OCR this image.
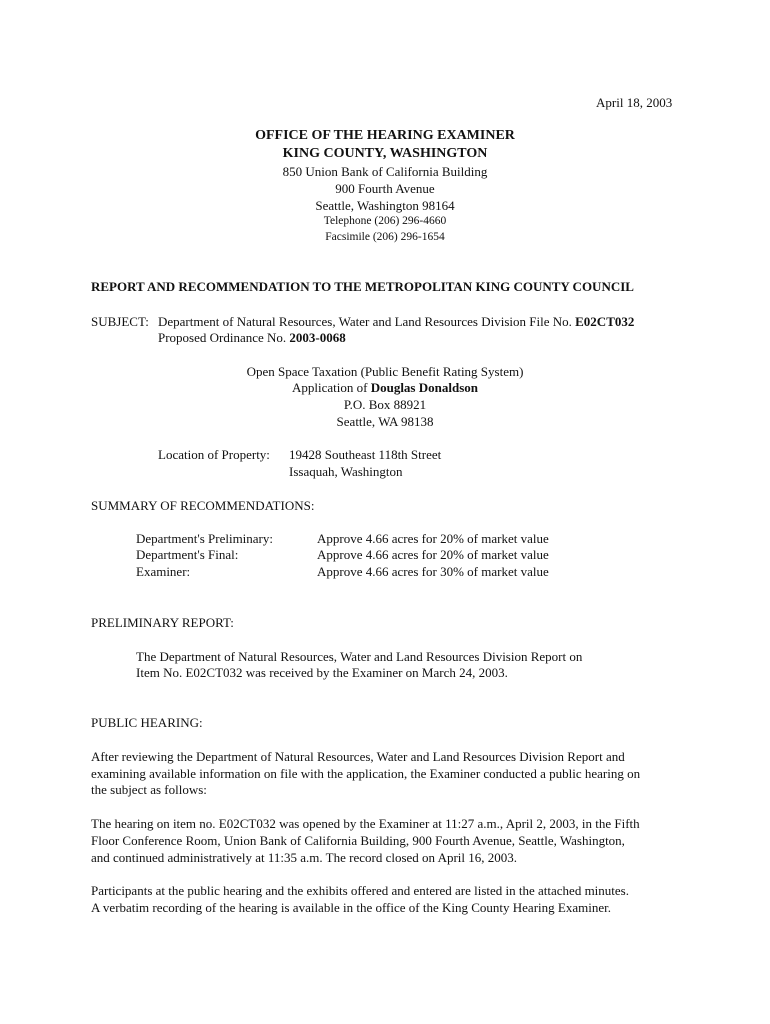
April 18, 2003
OFFICE OF THE HEARING EXAMINER
KING COUNTY, WASHINGTON
850 Union Bank of California Building
900 Fourth Avenue
Seattle, Washington 98164
Telephone (206) 296-4660
Facsimile (206) 296-1654
REPORT AND RECOMMENDATION TO THE METROPOLITAN KING COUNTY COUNCIL
SUBJECT: Department of Natural Resources, Water and Land Resources Division File No. E02CT032
Proposed Ordinance No. 2003-0068
Open Space Taxation (Public Benefit Rating System)
Application of Douglas Donaldson
P.O. Box 88921
Seattle, WA 98138
Location of Property: 19428 Southeast 118th Street
Issaquah, Washington
SUMMARY OF RECOMMENDATIONS:
Department's Preliminary:	Approve 4.66 acres for 20% of market value
Department's Final:	Approve 4.66 acres for 20% of market value
Examiner:	Approve 4.66 acres for 30% of market value
PRELIMINARY REPORT:
The Department of Natural Resources, Water and Land Resources Division Report on
Item No. E02CT032 was received by the Examiner on March 24, 2003.
PUBLIC HEARING:
After reviewing the Department of Natural Resources, Water and Land Resources Division Report and
examining available information on file with the application, the Examiner conducted a public hearing on
the subject as follows:
The hearing on item no. E02CT032 was opened by the Examiner at 11:27 a.m., April 2, 2003, in the Fifth
Floor Conference Room, Union Bank of California Building, 900 Fourth Avenue, Seattle, Washington,
and continued administratively at 11:35 a.m. The record closed on April 16, 2003.
Participants at the public hearing and the exhibits offered and entered are listed in the attached minutes.
A verbatim recording of the hearing is available in the office of the King County Hearing Examiner.
